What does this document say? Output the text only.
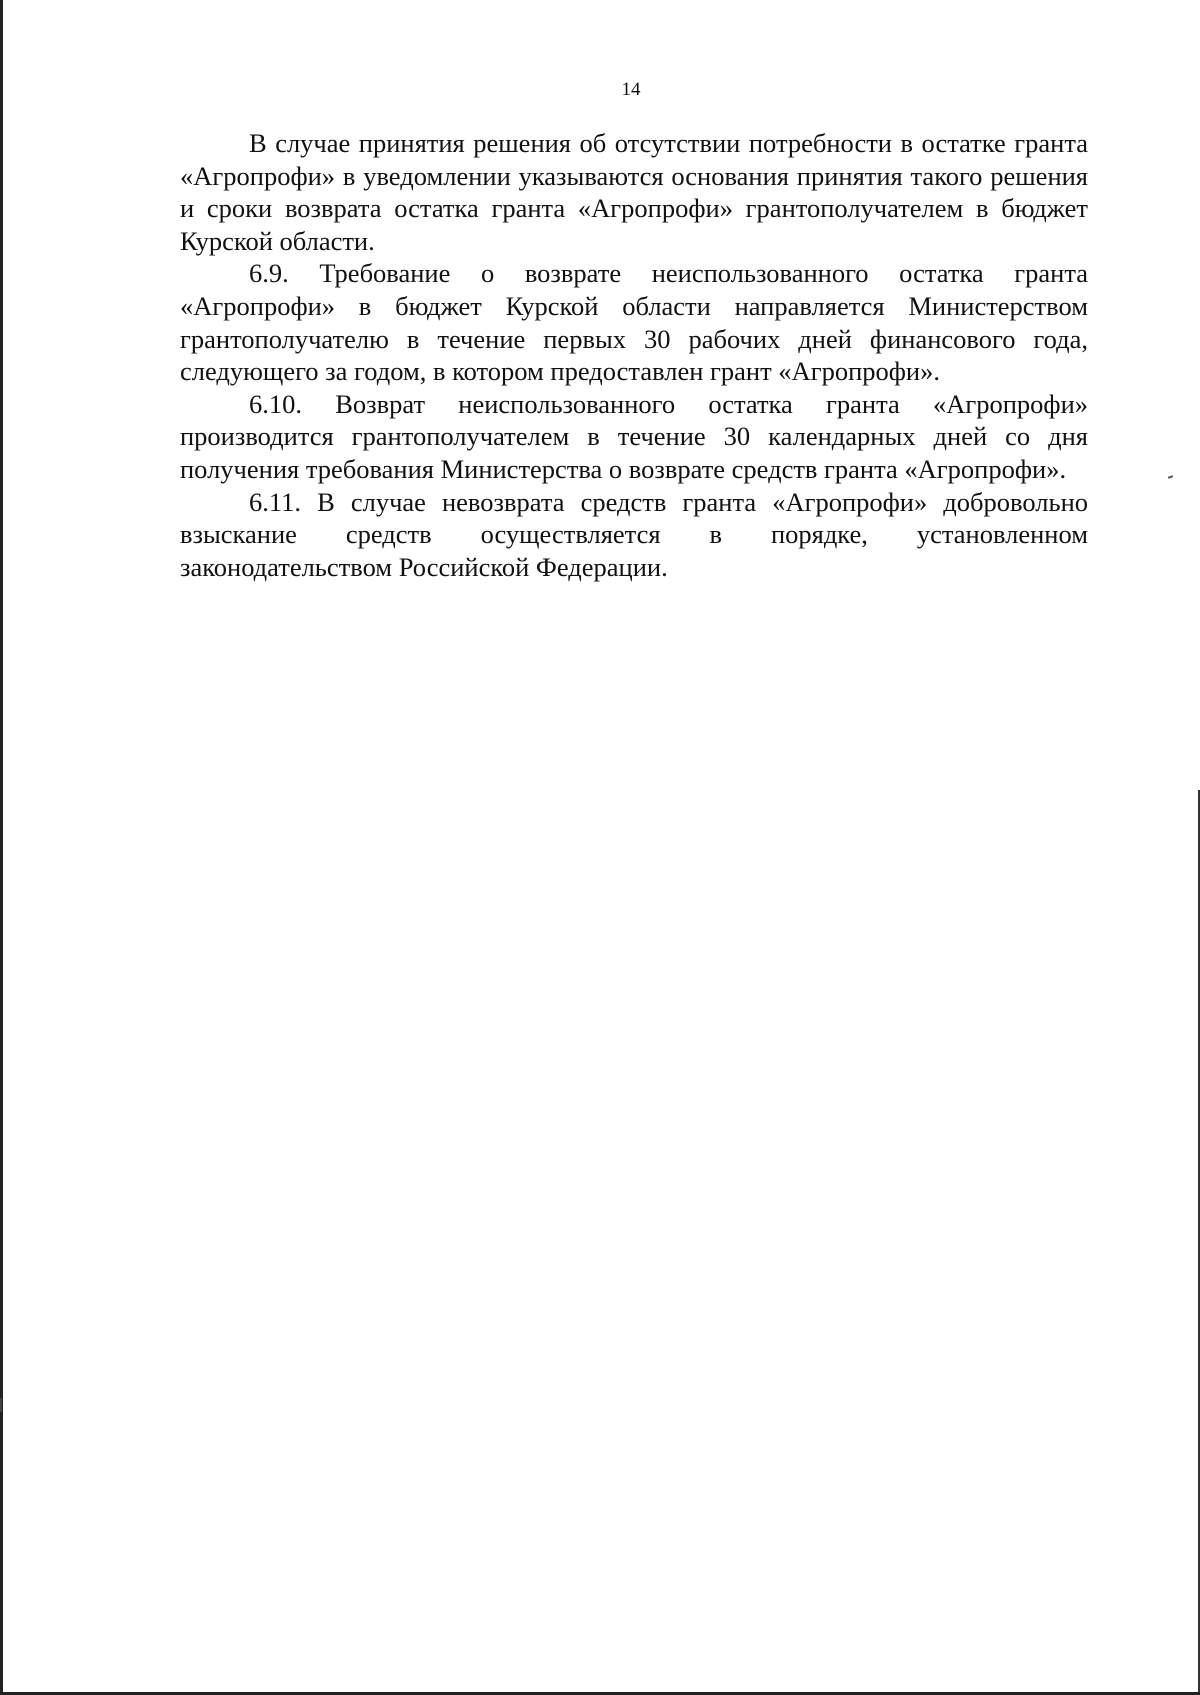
14

В случае принятия решения об отсутствии потребности в остатке гранта «Агропрофи» в уведомлении указываются основания принятия такого решения и сроки возврата остатка гранта «Агропрофи» грантополучателем в бюджет Курской области.

6.9. Требование о возврате неиспользованного остатка гранта «Агропрофи» в бюджет Курской области направляется Министерством грантополучателю в течение первых 30 рабочих дней финансового года, следующего за годом, в котором предоставлен грант «Агропрофи».

6.10. Возврат неиспользованного остатка гранта «Агропрофи» производится грантополучателем в течение 30 календарных дней со дня получения требования Министерства о возврате средств гранта «Агропрофи».

6.11. В случае невозврата средств гранта «Агропрофи» добровольно взыскание средств осуществляется в порядке, установленном законодательством Российской Федерации.
